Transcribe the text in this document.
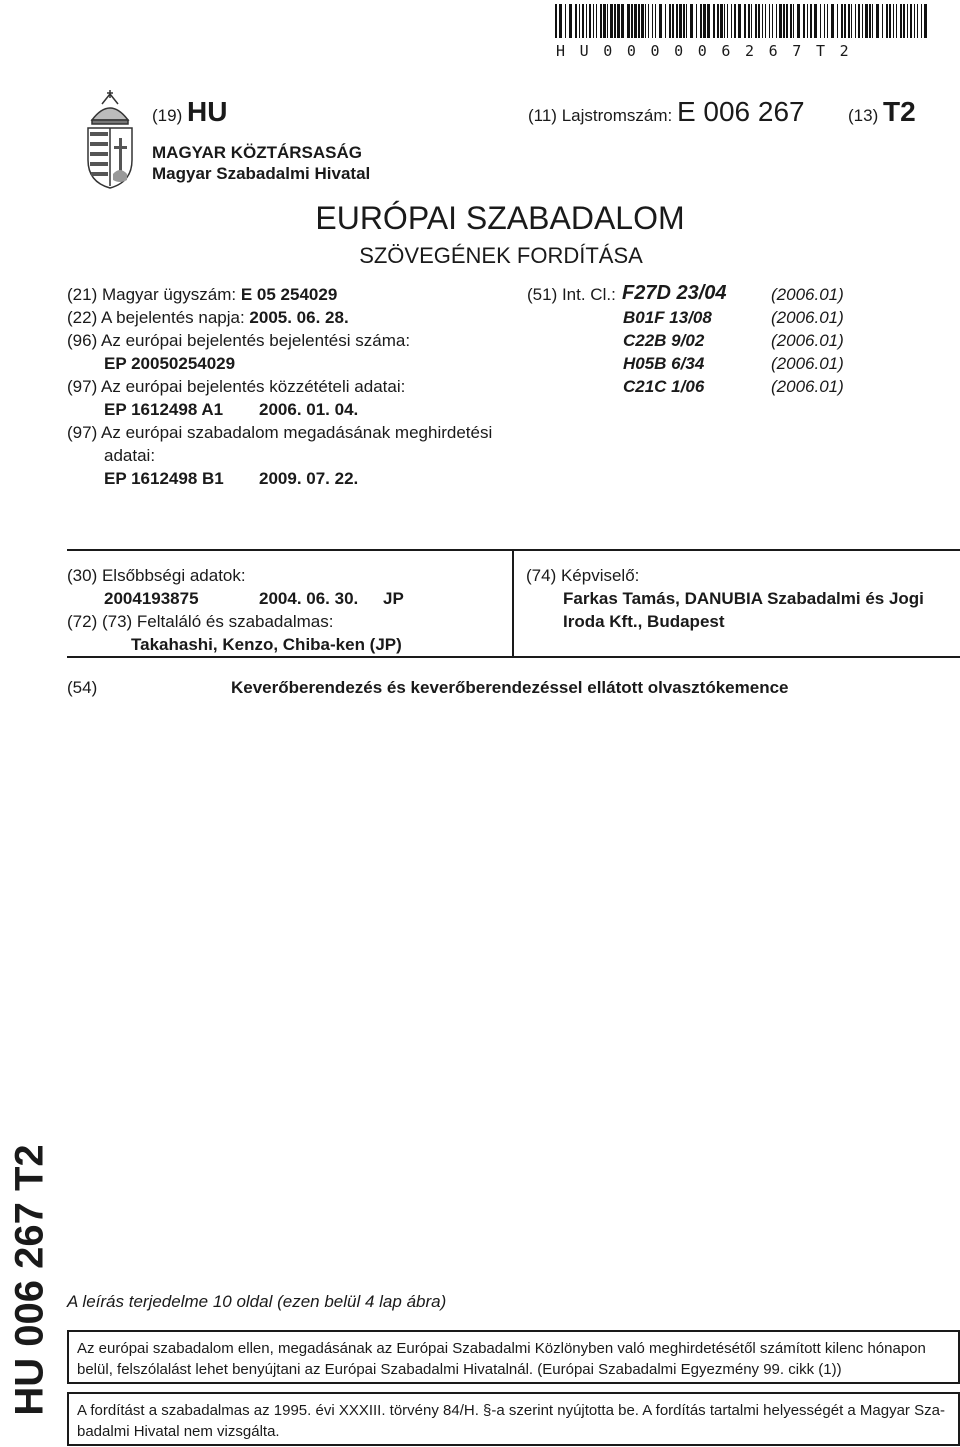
HU000006267T2
(19) HU	(11) Lajstromszám: E 006 267	(13) T2
MAGYAR KÖZTÁRSASÁG
Magyar Szabadalmi Hivatal
EURÓPAI SZABADALOM
SZÖVEGÉNEK FORDÍTÁSA
(21) Magyar ügyszám: E 05 254029
(22) A bejelentés napja: 2005. 06. 28.
(96) Az európai bejelentés bejelentési száma:
EP 20050254029
(97) Az európai bejelentés közzétételi adatai:
EP 1612498 A1 2006. 01. 04.
(97) Az európai szabadalom megadásának meghirdetési
adatai:
EP 1612498 B1 2009. 07. 22.
(51) Int. Cl.: F27D 23/04	(2006.01)
B01F 13/08	(2006.01)
C22B 9/02	(2006.01)
H05B 6/34	(2006.01)
C21C 1/06	(2006.01)
(30) Elsőbbségi adatok:
2004193875	2004. 06. 30. JP
(72) (73) Feltaláló és szabadalmas:
Takahashi, Kenzo, Chiba-ken (JP)
(74) Képviselő:
Farkas Tamás, DANUBIA Szabadalmi és Jogi
Iroda Kft., Budapest
(54)	Keverőberendezés és keverőberendezéssel ellátott olvasztókemence
HU 006 267 T2 A leírás terjedelme 10 oldal (ezen belül 4 lap ábra)
Az európai szabadalom ellen, megadásának az Európai Szabadalmi Közlönyben való meghirdetésétől számított kilenc hónapon
belül, felszólalást lehet benyújtani az Európai Szabadalmi Hivatalnál. (Európai Szabadalmi Egyezmény 99. cikk (1))
A fordítást a szabadalmas az 1995. évi XXXIII. törvény 84/H. §-a szerint nyújtotta be. A fordítás tartalmi helyességét a Magyar Sza-
badalmi Hivatal nem vizsgálta.
